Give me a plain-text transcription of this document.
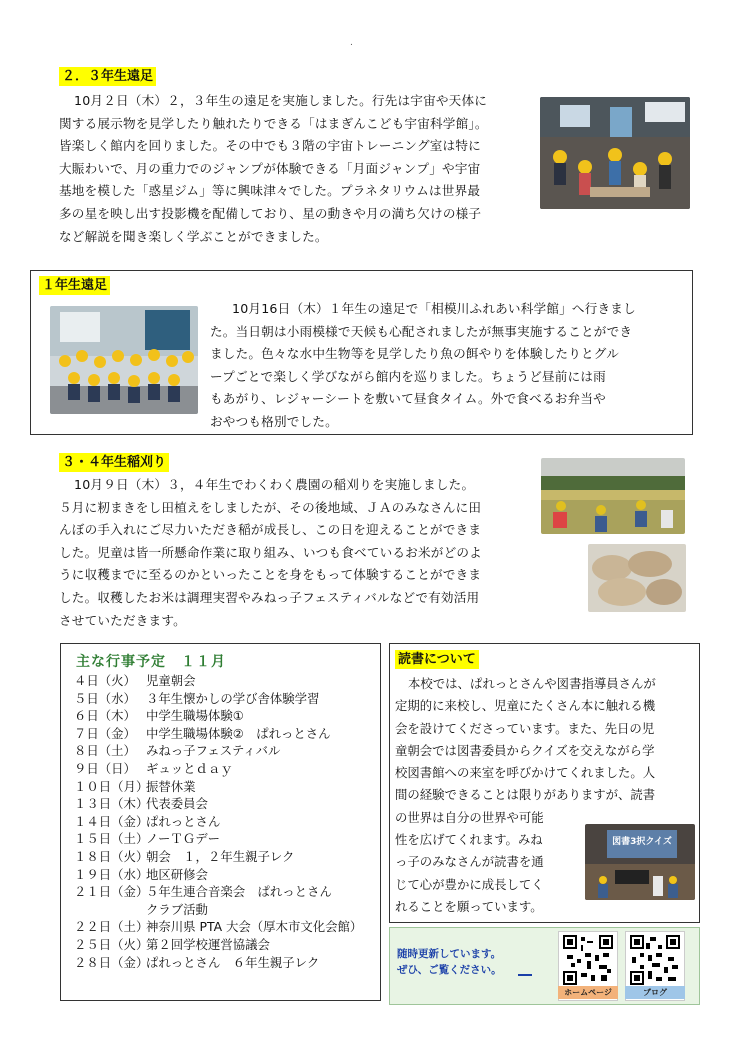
.
２．３年生遠足
10月２日（木）２，３年生の遠足を実施しました。行先は宇宙や天体に
関する展示物を見学したり触れたりできる「はまぎんこども宇宙科学館」。
皆楽しく館内を回りました。その中でも３階の宇宙トレーニング室は特に
大賑わいで、月の重力でのジャンプが体験できる「月面ジャンプ」や宇宙
基地を模した「惑星ジム」等に興味津々でした。プラネタリウムは世界最
多の星を映し出す投影機を配備しており、星の動きや月の満ち欠けの様子
など解説を聞き楽しく学ぶことができました。
１年生遠足
10月16日（木）１年生の遠足で「相模川ふれあい科学館」へ行きまし
た。当日朝は小雨模様で天候も心配されましたが無事実施することができ
ました。色々な水中生物等を見学したり魚の餌やりを体験したりとグル
ープごとで楽しく学びながら館内を巡りました。ちょうど昼前には雨
もあがり、レジャーシートを敷いて昼食タイム。外で食べるお弁当や
おやつも格別でした。
３・４年生稲刈り
10月９日（木）３，４年生でわくわく農園の稲刈りを実施しました。
５月に籾まきをし田植えをしましたが、その後地域、ＪＡのみなさんに田
んぼの手入れにご尽力いただき稲が成長し、この日を迎えることができま
した。児童は皆一所懸命作業に取り組み、いつも食べているお米がどのよ
うに収穫までに至るのかといったことを身をもって体験することができま
した。収穫したお米は調理実習やみねっ子フェスティバルなどで有効活用
させていただきます。
主な行事予定　１１月
４日（火） 児童朝会
５日（水） ３年生懐かしの学び舎体験学習
６日（木） 中学生職場体験①
７日（金） 中学生職場体験②　ぱれっとさん
８日（土） みねっ子フェスティバル
９日（日） ギュッとｄａｙ
１０日（月）振替休業
１３日（木）代表委員会
１４日（金）ぱれっとさん
１５日（土）ノーＴＧデー
１８日（火）朝会　１，２年生親子レク
１９日（水）地区研修会
２１日（金）５年生連合音楽会　ぱれっとさん
クラブ活動
２２日（土）神奈川県 PTA 大会（厚木市文化会館）
２５日（火）第２回学校運営協議会
２８日（金）ぱれっとさん　６年生親子レク
読書について
本校では、ぱれっとさんや図書指導員さんが
定期的に来校し、児童にたくさん本に触れる機
会を設けてくださっています。また、先日の児
童朝会では図書委員からクイズを交えながら学
校図書館への来室を呼びかけてくれました。人
間の経験できることは限りがありますが、読書
の世界は自分の世界や可能
性を広げてくれます。みね
っ子のみなさんが読書を通
じて心が豊かに成長してく
れることを願っています。
図書3択クイズ
随時更新しています。
ぜひ、ご覧ください。
ホームページ	ブログ
